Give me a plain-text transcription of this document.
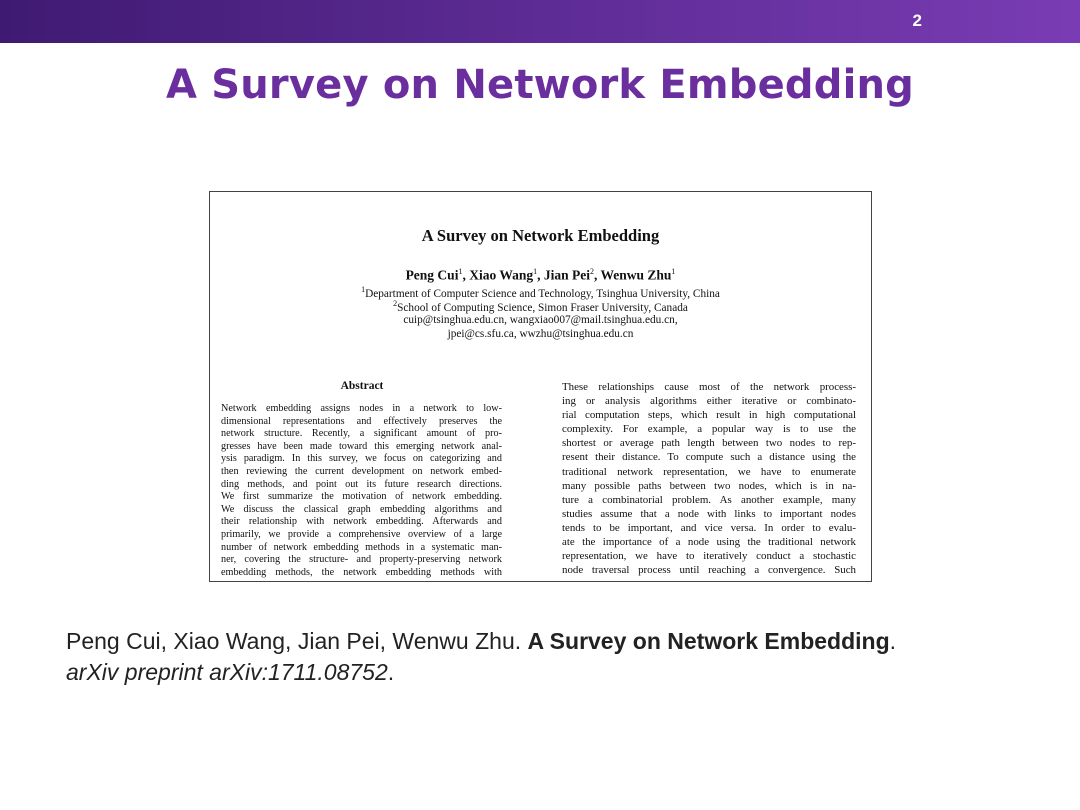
2
A Survey on Network Embedding
A Survey on Network Embedding
Peng Cui$^1$, Xiao Wang$^1$, Jian Pei$^2$, Wenwu Zhu$^1$
$^1$Department of Computer Science and Technology, Tsinghua University, China
$^2$School of Computing Science, Simon Fraser University, Canada
cuip@tsinghua.edu.cn, wangxiao007@mail.tsinghua.edu.cn,
jpei@cs.sfu.ca, wwzhu@tsinghua.edu.cn
Abstract
Network embedding assigns nodes in a network to low-
dimensional representations and effectively preserves the
network structure. Recently, a significant amount of pro-
gresses have been made toward this emerging network anal-
ysis paradigm. In this survey, we focus on categorizing and
then reviewing the current development on network embed-
ding methods, and point out its future research directions.
We first summarize the motivation of network embedding.
We discuss the classical graph embedding algorithms and
their relationship with network embedding. Afterwards and
primarily, we provide a comprehensive overview of a large
number of network embedding methods in a systematic man-
ner, covering the structure- and property-preserving network
embedding methods, the network embedding methods with
These relationships cause most of the network process-
ing or analysis algorithms either iterative or combinato-
rial computation steps, which result in high computational
complexity. For example, a popular way is to use the
shortest or average path length between two nodes to rep-
resent their distance. To compute such a distance using the
traditional network representation, we have to enumerate
many possible paths between two nodes, which is in na-
ture a combinatorial problem. As another example, many
studies assume that a node with links to important nodes
tends to be important, and vice versa. In order to evalu-
ate the importance of a node using the traditional network
representation, we have to iteratively conduct a stochastic
node traversal process until reaching a convergence. Such
Peng Cui, Xiao Wang, Jian Pei, Wenwu Zhu. A Survey on Network Embedding.
arXiv preprint arXiv:1711.08752.
